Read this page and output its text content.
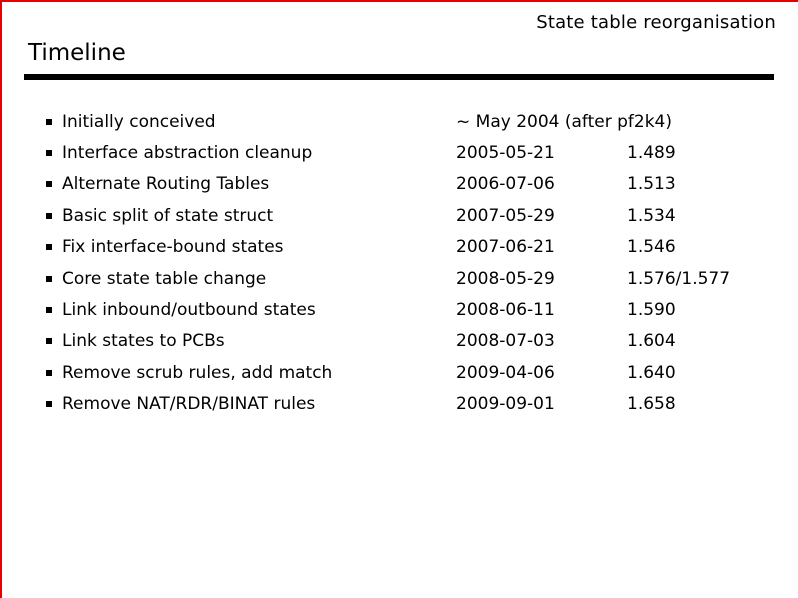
State table reorganisation
Timeline
Initially conceived	~ May 2004 (after pf2k4)
Interface abstraction cleanup	2005-05-21	1.489
Alternate Routing Tables	2006-07-06	1.513
Basic split of state struct	2007-05-29	1.534
Fix interface-bound states	2007-06-21	1.546
Core state table change	2008-05-29	1.576/1.577
Link inbound/outbound states	2008-06-11	1.590
Link states to PCBs	2008-07-03	1.604
Remove scrub rules, add match	2009-04-06	1.640
Remove NAT/RDR/BINAT rules	2009-09-01	1.658
